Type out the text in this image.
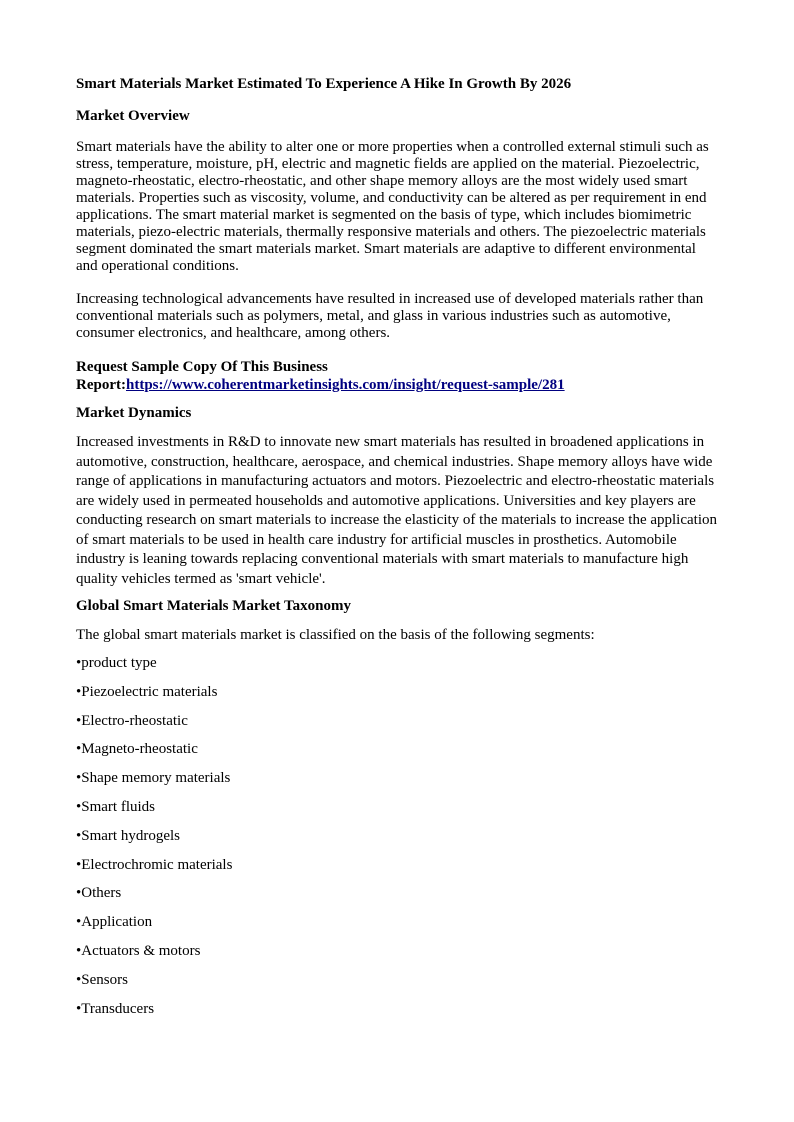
Smart Materials Market Estimated To Experience A Hike In Growth By 2026
Market Overview

Smart materials have the ability to alter one or more properties when a controlled external stimuli such as stress, temperature, moisture, pH, electric and magnetic fields are applied on the material. Piezoelectric, magneto-rheostatic, electro-rheostatic, and other shape memory alloys are the most widely used smart materials. Properties such as viscosity, volume, and conductivity can be altered as per requirement in end applications. The smart material market is segmented on the basis of type, which includes biomimetric materials, piezo-electric materials, thermally responsive materials and others. The piezoelectric materials segment dominated the smart materials market. Smart materials are adaptive to different environmental and operational conditions.

Increasing technological advancements have resulted in increased use of developed materials rather than conventional materials such as polymers, metal, and glass in various industries such as automotive, consumer electronics, and healthcare, among others.

Request Sample Copy Of This Business
Report:https://www.coherentmarketinsights.com/insight/request-sample/281
Market Dynamics

Increased investments in R&D to innovate new smart materials has resulted in broadened applications in automotive, construction, healthcare, aerospace, and chemical industries. Shape memory alloys have wide range of applications in manufacturing actuators and motors. Piezoelectric and electro-rheostatic materials are widely used in permeated households and automotive applications. Universities and key players are conducting research on smart materials to increase the elasticity of the materials to increase the application of smart materials to be used in health care industry for artificial muscles in prosthetics. Automobile industry is leaning towards replacing conventional materials with smart materials to manufacture high quality vehicles termed as 'smart vehicle'.

Global Smart Materials Market Taxonomy

The global smart materials market is classified on the basis of the following segments:

•product type
•Piezoelectric materials
•Electro-rheostatic
•Magneto-rheostatic
•Shape memory materials
•Smart fluids
•Smart hydrogels
•Electrochromic materials
•Others
•Application
•Actuators & motors
•Sensors
•Transducers
